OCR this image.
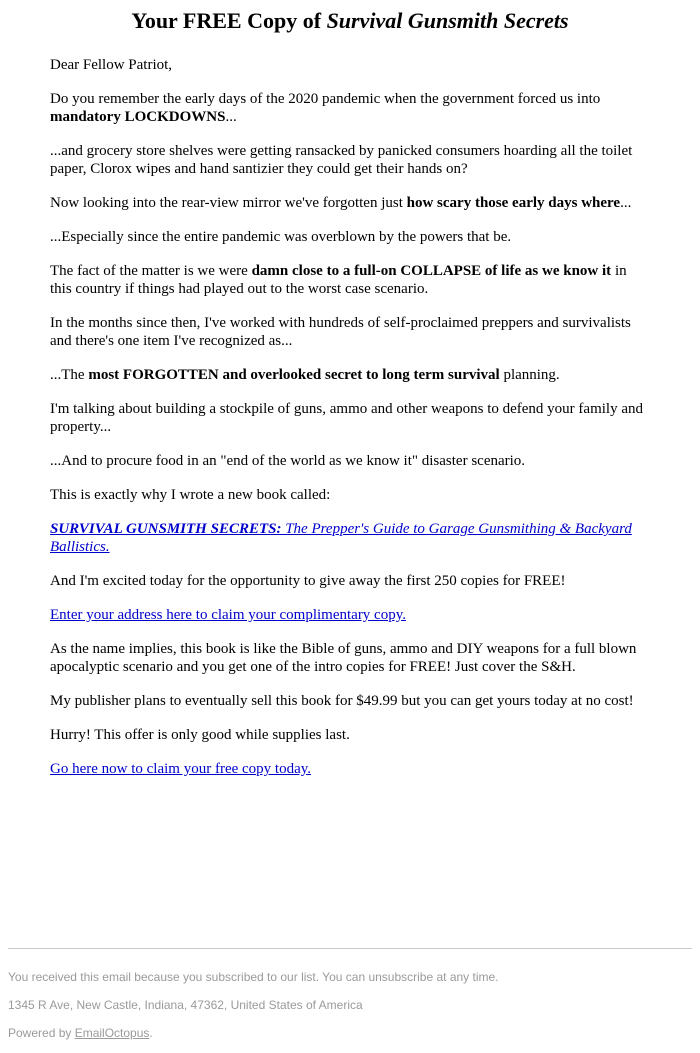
Your FREE Copy of Survival Gunsmith Secrets

Dear Fellow Patriot,

Do you remember the early days of the 2020 pandemic when the government forced us into mandatory LOCKDOWNS...

...and grocery store shelves were getting ransacked by panicked consumers hoarding all the toilet paper, Clorox wipes and hand santizier they could get their hands on?

Now looking into the rear-view mirror we've forgotten just how scary those early days where...

...Especially since the entire pandemic was overblown by the powers that be.

The fact of the matter is we were damn close to a full-on COLLAPSE of life as we know it in this country if things had played out to the worst case scenario.

In the months since then, I've worked with hundreds of self-proclaimed preppers and survivalists and there's one item I've recognized as...

...The most FORGOTTEN and overlooked secret to long term survival planning.

I'm talking about building a stockpile of guns, ammo and other weapons to defend your family and property...

...And to procure food in an "end of the world as we know it" disaster scenario.

This is exactly why I wrote a new book called:

SURVIVAL GUNSMITH SECRETS: The Prepper's Guide to Garage Gunsmithing & Backyard Ballistics.

And I'm excited today for the opportunity to give away the first 250 copies for FREE!

Enter your address here to claim your complimentary copy.

As the name implies, this book is like the Bible of guns, ammo and DIY weapons for a full blown apocalyptic scenario and you get one of the intro copies for FREE! Just cover the S&H.

My publisher plans to eventually sell this book for $49.99 but you can get yours today at no cost!

Hurry! This offer is only good while supplies last.

Go here now to claim your free copy today.

You received this email because you subscribed to our list. You can unsubscribe at any time.

1345 R Ave, New Castle, Indiana, 47362, United States of America

Powered by EmailOctopus.
